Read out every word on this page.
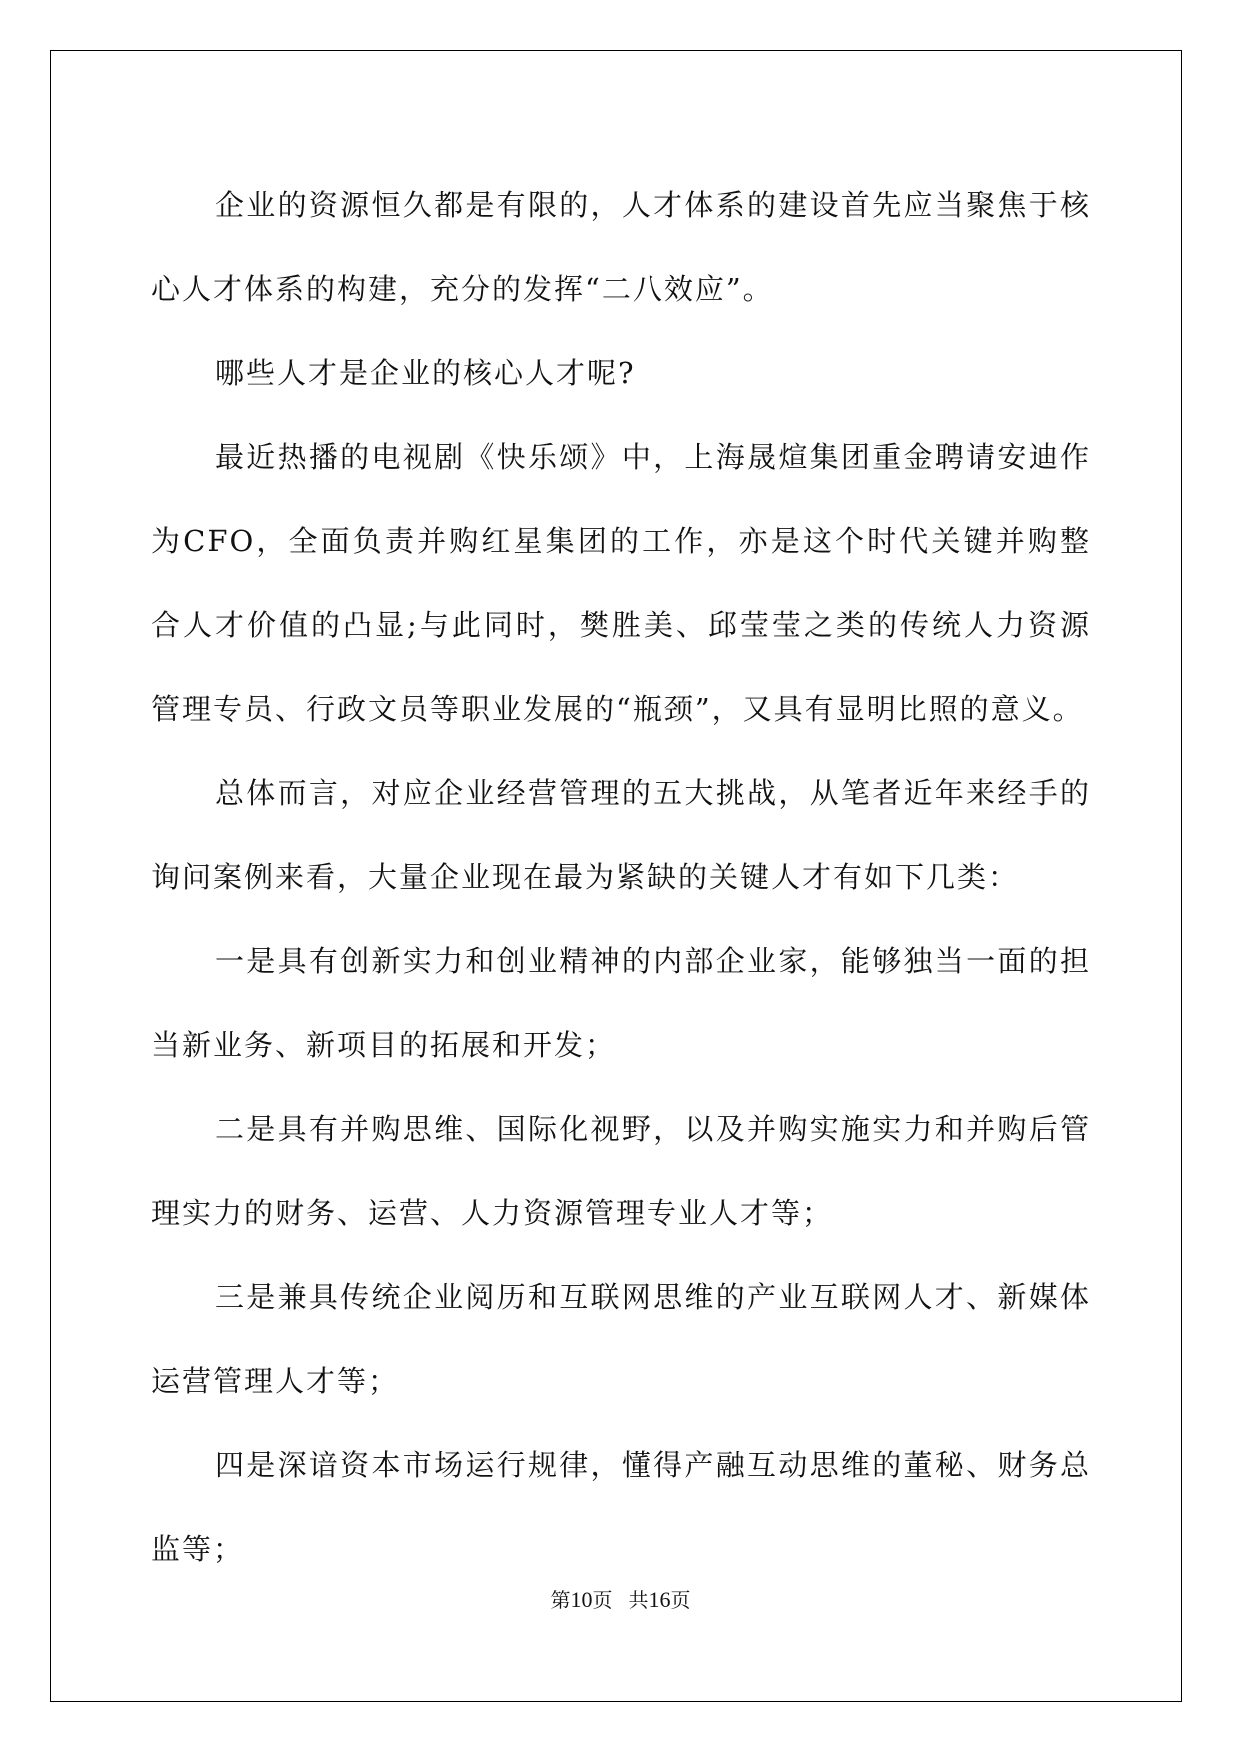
企业的资源恒久都是有限的，人才体系的建设首先应当聚焦于核心人才体系的构建，充分的发挥“二八效应”。

哪些人才是企业的核心人才呢?

最近热播的电视剧《快乐颂》中，上海晟煊集团重金聘请安迪作为CFO，全面负责并购红星集团的工作，亦是这个时代关键并购整合人才价值的凸显;与此同时，樊胜美、邱莹莹之类的传统人力资源管理专员、行政文员等职业发展的“瓶颈”，又具有显明比照的意义。

总体而言，对应企业经营管理的五大挑战，从笔者近年来经手的询问案例来看，大量企业现在最为紧缺的关键人才有如下几类：

一是具有创新实力和创业精神的内部企业家，能够独当一面的担当新业务、新项目的拓展和开发；

二是具有并购思维、国际化视野，以及并购实施实力和并购后管理实力的财务、运营、人力资源管理专业人才等；

三是兼具传统企业阅历和互联网思维的产业互联网人才、新媒体运营管理人才等；

四是深谙资本市场运行规律，懂得产融互动思维的董秘、财务总监等；

第10页 共16页
